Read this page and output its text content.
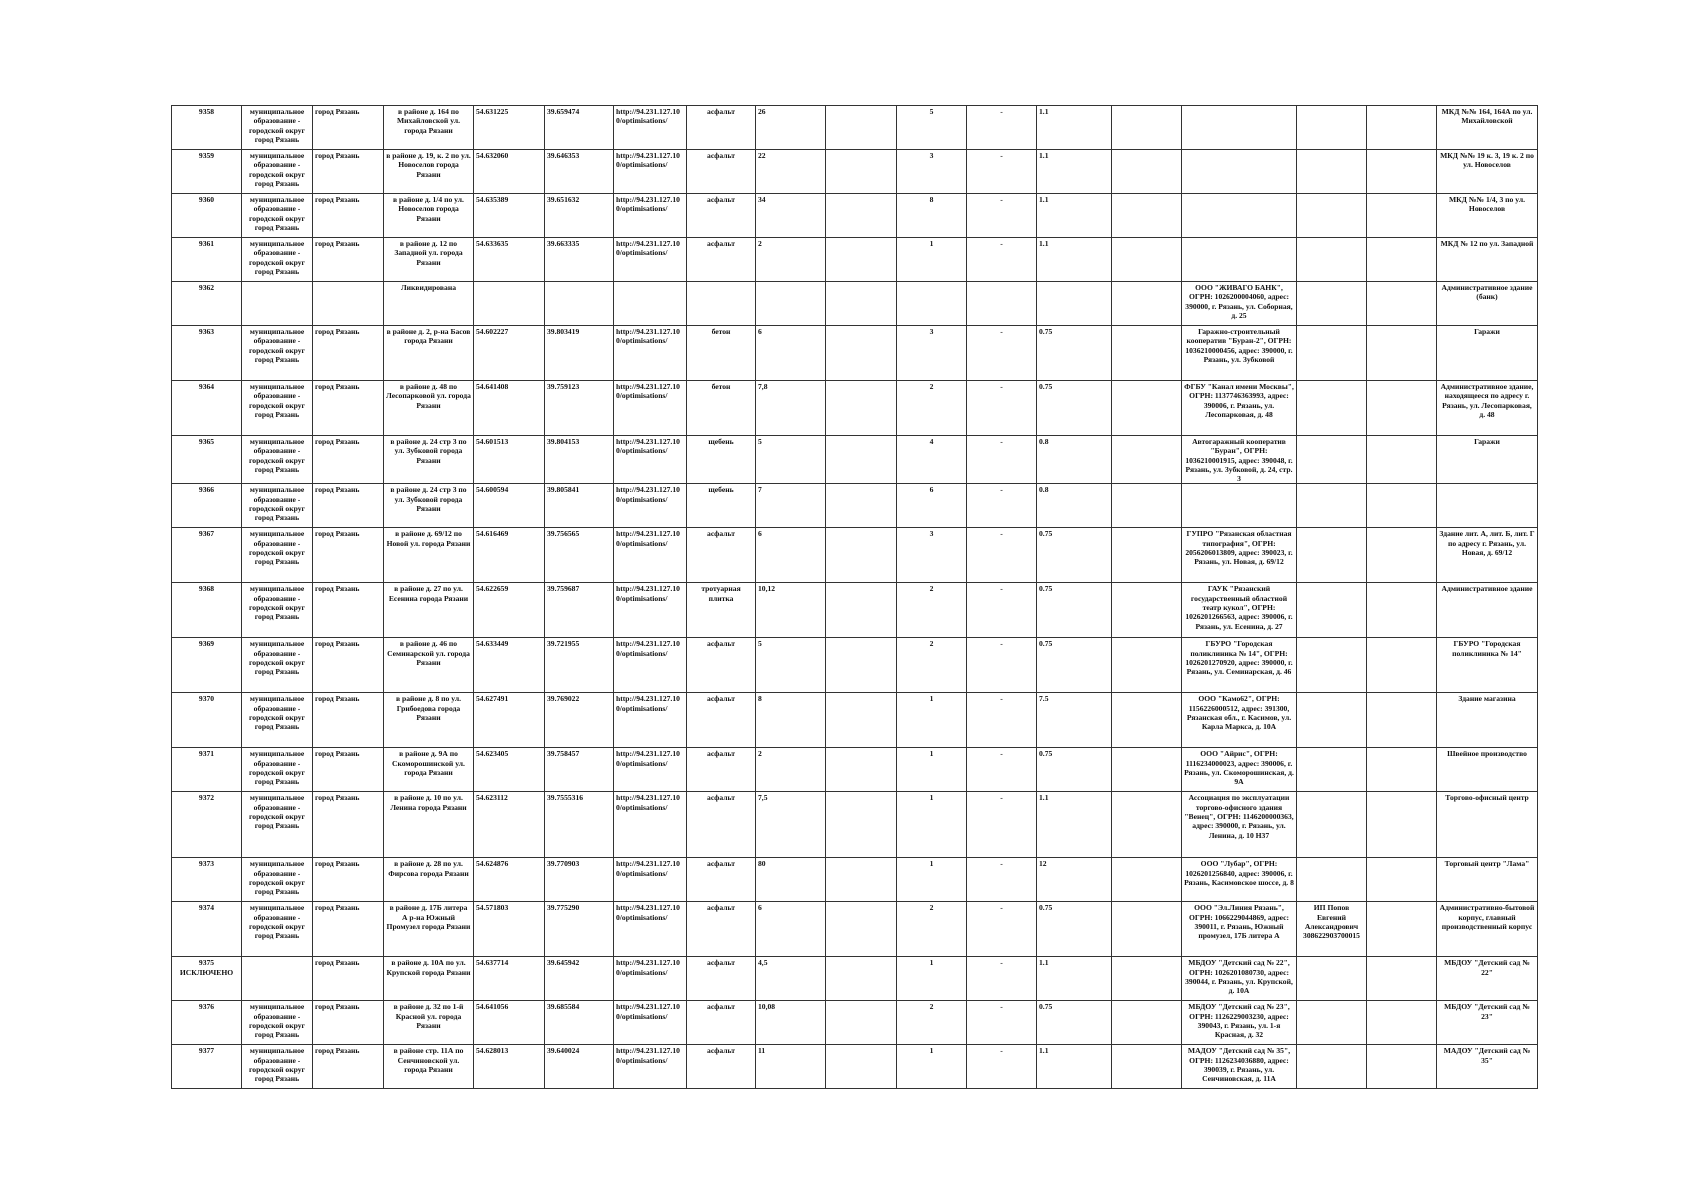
9358	муниципальное образование - городской округ город Рязань	город Рязань	в районе д. 164 по Михайловской ул. города Рязани	54.631225	39.659474	http://94.231.127.10 0/optimisations/	асфальт	26		5	-	1.1					МКД №№ 164, 164А по ул. Михайловской
9359	муниципальное образование - городской округ город Рязань	город Рязань	в районе д. 19, к. 2 по ул. Новоселов города Рязани	54.632060	39.646353	http://94.231.127.10 0/optimisations/	асфальт	22		3	-	1.1					МКД №№ 19 к. 3, 19 к. 2 по ул. Новоселов
9360	муниципальное образование - городской округ город Рязань	город Рязань	в районе д. 1/4 по ул. Новоселов города Рязани	54.635389	39.651632	http://94.231.127.10 0/optimisations/	асфальт	34		8	-	1.1					МКД №№ 1/4, 3 по ул. Новоселов
9361	муниципальное образование - городской округ город Рязань	город Рязань	в районе д. 12 по Западной ул. города Рязани	54.633635	39.663335	http://94.231.127.10 0/optimisations/	асфальт	2		1	-	1.1					МКД № 12 по ул. Западной
9362			Ликвидирована											ООО "ЖИВАГО БАНК", ОГРН: 1026200004060, адрес: 390000, г. Рязань, ул. Соборная, д. 25			Административное здание (банк)
9363	муниципальное образование - городской округ город Рязань	город Рязань	в районе д. 2, р-на Басов города Рязани	54.602227	39.803419	http://94.231.127.10 0/optimisations/	бетон	6		3	-	0.75		Гаражно-строительный кооператив "Буран-2", ОГРН: 1036210000456, адрес: 390000, г. Рязань, ул. Зубковой			Гаражи
9364	муниципальное образование - городской округ город Рязань	город Рязань	в районе д. 48 по Лесопарковой ул. города Рязани	54.641408	39.759123	http://94.231.127.10 0/optimisations/	бетон	7,8		2	-	0.75		ФГБУ "Канал имени Москвы", ОГРН: 1137746363993, адрес: 390006, г. Рязань, ул. Лесопарковая, д. 48			Административное здание, находящееся по адресу г. Рязань, ул. Лесопарковая, д. 48
9365	муниципальное образование - городской округ город Рязань	город Рязань	в районе д. 24 стр 3 по ул. Зубковой города Рязани	54.601513	39.804153	http://94.231.127.10 0/optimisations/	щебень	5		4	-	0.8		Автогаражный кооператив "Буран", ОГРН: 1036210001915, адрес: 390048, г. Рязань, ул. Зубковой, д. 24, стр. 3			Гаражи
9366	муниципальное образование - городской округ город Рязань	город Рязань	в районе д. 24 стр 3 по ул. Зубковой города Рязани	54.600594	39.805841	http://94.231.127.10 0/optimisations/	щебень	7		6	-	0.8					
9367	муниципальное образование - городской округ город Рязань	город Рязань	в районе д. 69/12 по Новой ул. города Рязани	54.616469	39.756565	http://94.231.127.10 0/optimisations/	асфальт	6		3	-	0.75		ГУПРО "Рязанская областная типография", ОГРН: 2056206013809, адрес: 390023, г. Рязань, ул. Новая, д. 69/12			Здание лит. А, лит. Б, лит. Г по адресу г. Рязань, ул. Новая, д. 69/12
9368	муниципальное образование - городской округ город Рязань	город Рязань	в районе д. 27 по ул. Есенина города Рязани	54.622659	39.759687	http://94.231.127.10 0/optimisations/	тротуарная плитка	10,12		2	-	0.75		ГАУК "Рязанский государственный областной театр кукол", ОГРН: 1026201266563, адрес: 390006, г. Рязань, ул. Есенина, д. 27			Административное здание
9369	муниципальное образование - городской округ город Рязань	город Рязань	в районе д. 46 по Семинарской ул. города Рязани	54.633449	39.721955	http://94.231.127.10 0/optimisations/	асфальт	5		2	-	0.75		ГБУРО "Городская поликлиника № 14", ОГРН: 1026201270920, адрес: 390000, г. Рязань, ул. Семинарская, д. 46			ГБУРО "Городская поликлиника № 14"
9370	муниципальное образование - городской округ город Рязань	город Рязань	в районе д. 8 по ул. Грибоедова города Рязани	54.627491	39.769022	http://94.231.127.10 0/optimisations/	асфальт	8		1	-	7.5		ООО "Камо62", ОГРН: 1156226000512, адрес: 391300, Рязанская обл., г. Касимов, ул. Карла Маркса, д. 10А			Здание магазина
9371	муниципальное образование - городской округ город Рязань	город Рязань	в районе д. 9А по Скоморошинской ул. города Рязани	54.623405	39.758457	http://94.231.127.10 0/optimisations/	асфальт	2		1	-	0.75		ООО "Айрис", ОГРН: 1116234000023, адрес: 390006, г. Рязань, ул. Скоморошинская, д. 9А			Швейное производство
9372	муниципальное образование - городской округ город Рязань	город Рязань	в районе д. 10 по ул. Ленина города Рязани	54.623112	39.7555316	http://94.231.127.10 0/optimisations/	асфальт	7,5		1	-	1.1		Ассоциация по эксплуатации торгово-офисного здания "Венец", ОГРН: 1146200000363, адрес: 390000, г. Рязань, ул. Ленина, д. 10 Н37			Торгово-офисный центр
9373	муниципальное образование - городской округ город Рязань	город Рязань	в районе д. 28 по ул. Фирсова города Рязани	54.624876	39.770903	http://94.231.127.10 0/optimisations/	асфальт	80		1	-	12		ООО "Лубар", ОГРН: 1026201256840, адрес: 390006, г. Рязань, Касимовское шоссе, д. 8			Торговый центр "Лама"
9374	муниципальное образование - городской округ город Рязань	город Рязань	в районе д. 17Б литера А р-на Южный Промузел города Рязани	54.571803	39.775290	http://94.231.127.10 0/optimisations/	асфальт	6		2	-	0.75		ООО "Эл.Линия Рязань", ОГРН: 1066229044869, адрес: 390011, г. Рязань, Южный промузел, 17Б литера А	ИП Попов Евгений Александрович 308622903700015		Административно-бытовой корпус, главный производственный корпус
9375 ИСКЛЮЧЕНО		город Рязань	в районе д. 10А по ул. Крупской города Рязани	54.637714	39.645942	http://94.231.127.10 0/optimisations/	асфальт	4,5		1	-	1.1		МБДОУ "Детский сад № 22", ОГРН: 1026201080730, адрес: 390044, г. Рязань, ул. Крупской, д. 10А			МБДОУ "Детский сад № 22"
9376	муниципальное образование - городской округ город Рязань	город Рязань	в районе д. 32 по 1-й Красной ул. города Рязани	54.641056	39.685584	http://94.231.127.10 0/optimisations/	асфальт	10,08		2	-	0.75		МБДОУ "Детский сад № 23", ОГРН: 1126229003230, адрес: 390043, г. Рязань, ул. 1-я Красная, д. 32			МБДОУ "Детский сад № 23"
9377	муниципальное образование - городской округ город Рязань	город Рязань	в районе стр. 11А по Сенчиновской ул. города Рязани	54.628013	39.640024	http://94.231.127.10 0/optimisations/	асфальт	11		1	-	1.1		МАДОУ "Детский сад № 35", ОГРН: 1126234036880, адрес: 390039, г. Рязань, ул. Сенчиновская, д. 11А			МАДОУ "Детский сад № 35"
